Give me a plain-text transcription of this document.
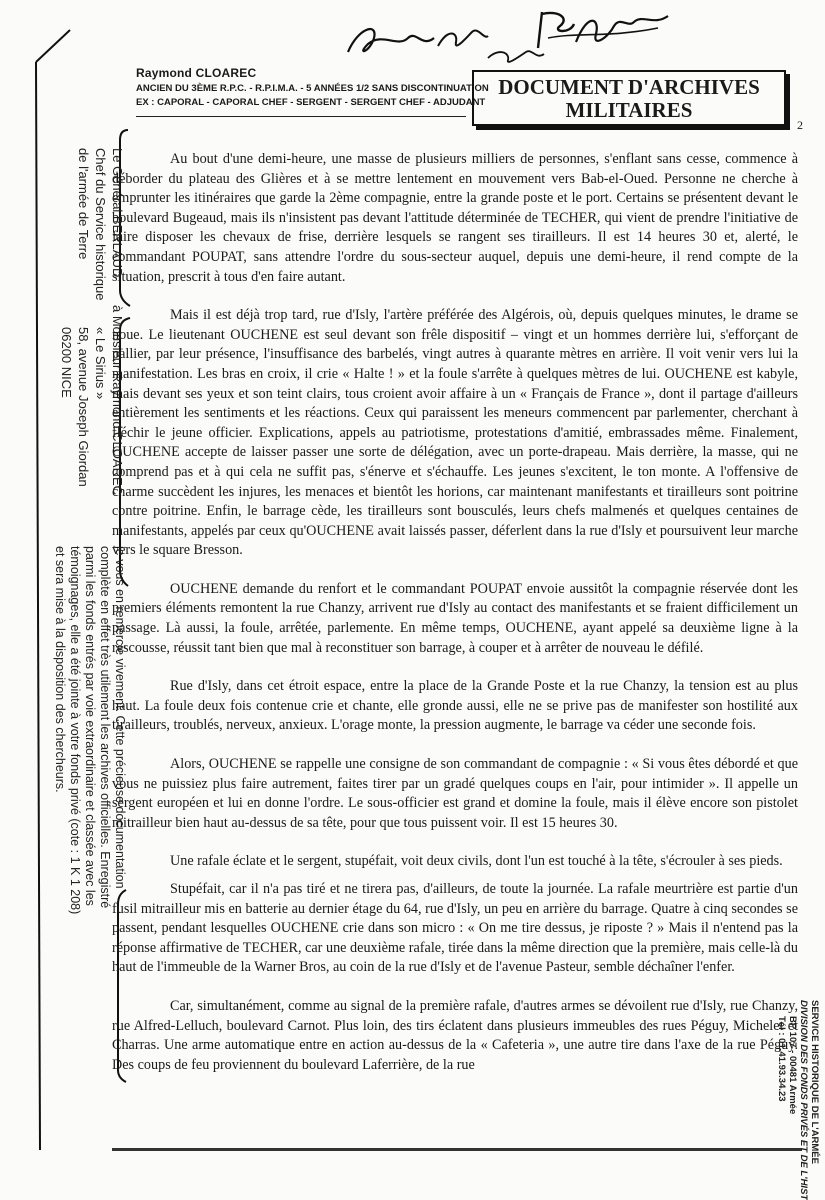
Raymond CLOAREC
ANCIEN DU 3ÈME R.P.C. - R.P.I.M.A. - 5 ANNÉES 1/2 SANS DISCONTINUATION
EX : CAPORAL - CAPORAL CHEF - SERGENT - SERGENT CHEF - ADJUDANT
DOCUMENT D'ARCHIVES
MILITAIRES
2
Le Général BERLAUD
Chef du Service historique
de l'armée de Terre
à Monsieur Raymond CLOAREC
« Le Sirius »
58, avenue Joseph Giordan
06200 NICE
je vous en remercie vivement. Cette précieuse documentation
complète en effet très utilement les archives officielles. Enregistré
parmi les fonds entrés par voie extraordinaire et classée avec les
témoignages, elle a été jointe à votre fonds privé (cote : 1 K 1 208)
et sera mise à la disposition des chercheurs.

Au bout d'une demi-heure, une masse de plusieurs milliers de personnes, s'enflant sans cesse, commence à déborder du plateau des Glières et à se mettre lentement en mouvement vers Bab-el-Oued. Personne ne cherche à emprunter les itinéraires que garde la 2ème compagnie, entre la grande poste et le port. Certains se présentent devant le boulevard Bugeaud, mais ils n'insistent pas devant l'attitude déterminée de TECHER, qui vient de prendre l'initiative de faire disposer les chevaux de frise, derrière lesquels se rangent ses tirailleurs. Il est 14 heures 30 et, alerté, le commandant POUPAT, sans attendre l'ordre du sous-secteur auquel, depuis une demi-heure, il rend compte de la situation, prescrit à tous d'en faire autant.

Mais il est déjà trop tard, rue d'Isly, l'artère préférée des Algérois, où, depuis quelques minutes, le drame se noue. Le lieutenant OUCHENE est seul devant son frêle dispositif – vingt et un hommes derrière lui, s'efforçant de pallier, par leur présence, l'insuffisance des barbelés, vingt autres à quarante mètres en arrière. Il voit venir vers lui la manifestation. Les bras en croix, il crie « Halte ! » et la foule s'arrête à quelques mètres de lui. OUCHENE est kabyle, mais devant ses yeux et son teint clairs, tous croient avoir affaire à un « Français de France », dont il partage d'ailleurs entièrement les sentiments et les réactions. Ceux qui paraissent les meneurs commencent par parlementer, cherchant à fléchir le jeune officier. Explications, appels au patriotisme, protestations d'amitié, embrassades même. Finalement, OUCHENE accepte de laisser passer une sorte de délégation, avec un porte-drapeau. Mais derrière, la masse, qui ne comprend pas et à qui cela ne suffit pas, s'énerve et s'échauffe. Les jeunes s'excitent, le ton monte. A l'offensive de charme succèdent les injures, les menaces et bientôt les horions, car maintenant manifestants et tirailleurs sont poitrine contre poitrine. Enfin, le barrage cède, les tirailleurs sont bousculés, leurs chefs malmenés et quelques centaines de manifestants, appelés par ceux qu'OUCHENE avait laissés passer, déferlent dans la rue d'Isly et poursuivent leur marche vers le square Bresson.

OUCHENE demande du renfort et le commandant POUPAT envoie aussitôt la compagnie réservée dont les premiers éléments remontent la rue Chanzy, arrivent rue d'Isly au contact des manifestants et se fraient difficilement un passage. Là aussi, la foule, arrêtée, parlemente. En même temps, OUCHENE, ayant appelé sa deuxième ligne à la rescousse, réussit tant bien que mal à reconstituer son barrage, à couper et à arrêter de nouveau le défilé.

Rue d'Isly, dans cet étroit espace, entre la place de la Grande Poste et la rue Chanzy, la tension est au plus haut. La foule deux fois contenue crie et chante, elle gronde aussi, elle ne se prive pas de manifester son hostilité aux tirailleurs, troublés, nerveux, anxieux. L'orage monte, la pression augmente, le barrage va céder une seconde fois.

Alors, OUCHENE se rappelle une consigne de son commandant de compagnie : « Si vous êtes débordé et que vous ne puissiez plus faire autrement, faites tirer par un gradé quelques coups en l'air, pour intimider ». Il appelle un sergent européen et lui en donne l'ordre. Le sous-officier est grand et domine la foule, mais il élève encore son pistolet mitrailleur bien haut au-dessus de sa tête, pour que tous puissent voir. Il est 15 heures 30.

Une rafale éclate et le sergent, stupéfait, voit deux civils, dont l'un est touché à la tête, s'écrouler à ses pieds.

Stupéfait, car il n'a pas tiré et ne tirera pas, d'ailleurs, de toute la journée. La rafale meurtrière est partie d'un fusil mitrailleur mis en batterie au dernier étage du 64, rue d'Isly, un peu en arrière du barrage. Quatre à cinq secondes se passent, pendant lesquelles OUCHENE crie dans son micro : « On me tire dessus, je riposte ? » Mais il n'entend pas la réponse affirmative de TECHER, car une deuxième rafale, tirée dans la même direction que la première, mais celle-là du haut de l'immeuble de la Warner Bros, au coin de la rue d'Isly et de l'avenue Pasteur, semble déchaîner l'enfer.

Car, simultanément, comme au signal de la première rafale, d'autres armes se dévoilent rue d'Isly, rue Chanzy, rue Alfred-Lelluch, boulevard Carnot. Plus loin, des tirs éclatent dans plusieurs immeubles des rues Péguy, Michelet et Charras. Une arme automatique entre en action au-dessus de la « Cafeteria », une autre tire dans l'axe de la rue Péguy. Des coups de feu proviennent du boulevard Laferrière, de la rue	SERVICE HISTORIQUE DE L'ARMÉE
DIVISION DES FONDS PRIVÉS ET DE L'HIST
BP 107 - 00481 Armée
Tél : 01.41.93.34.23
